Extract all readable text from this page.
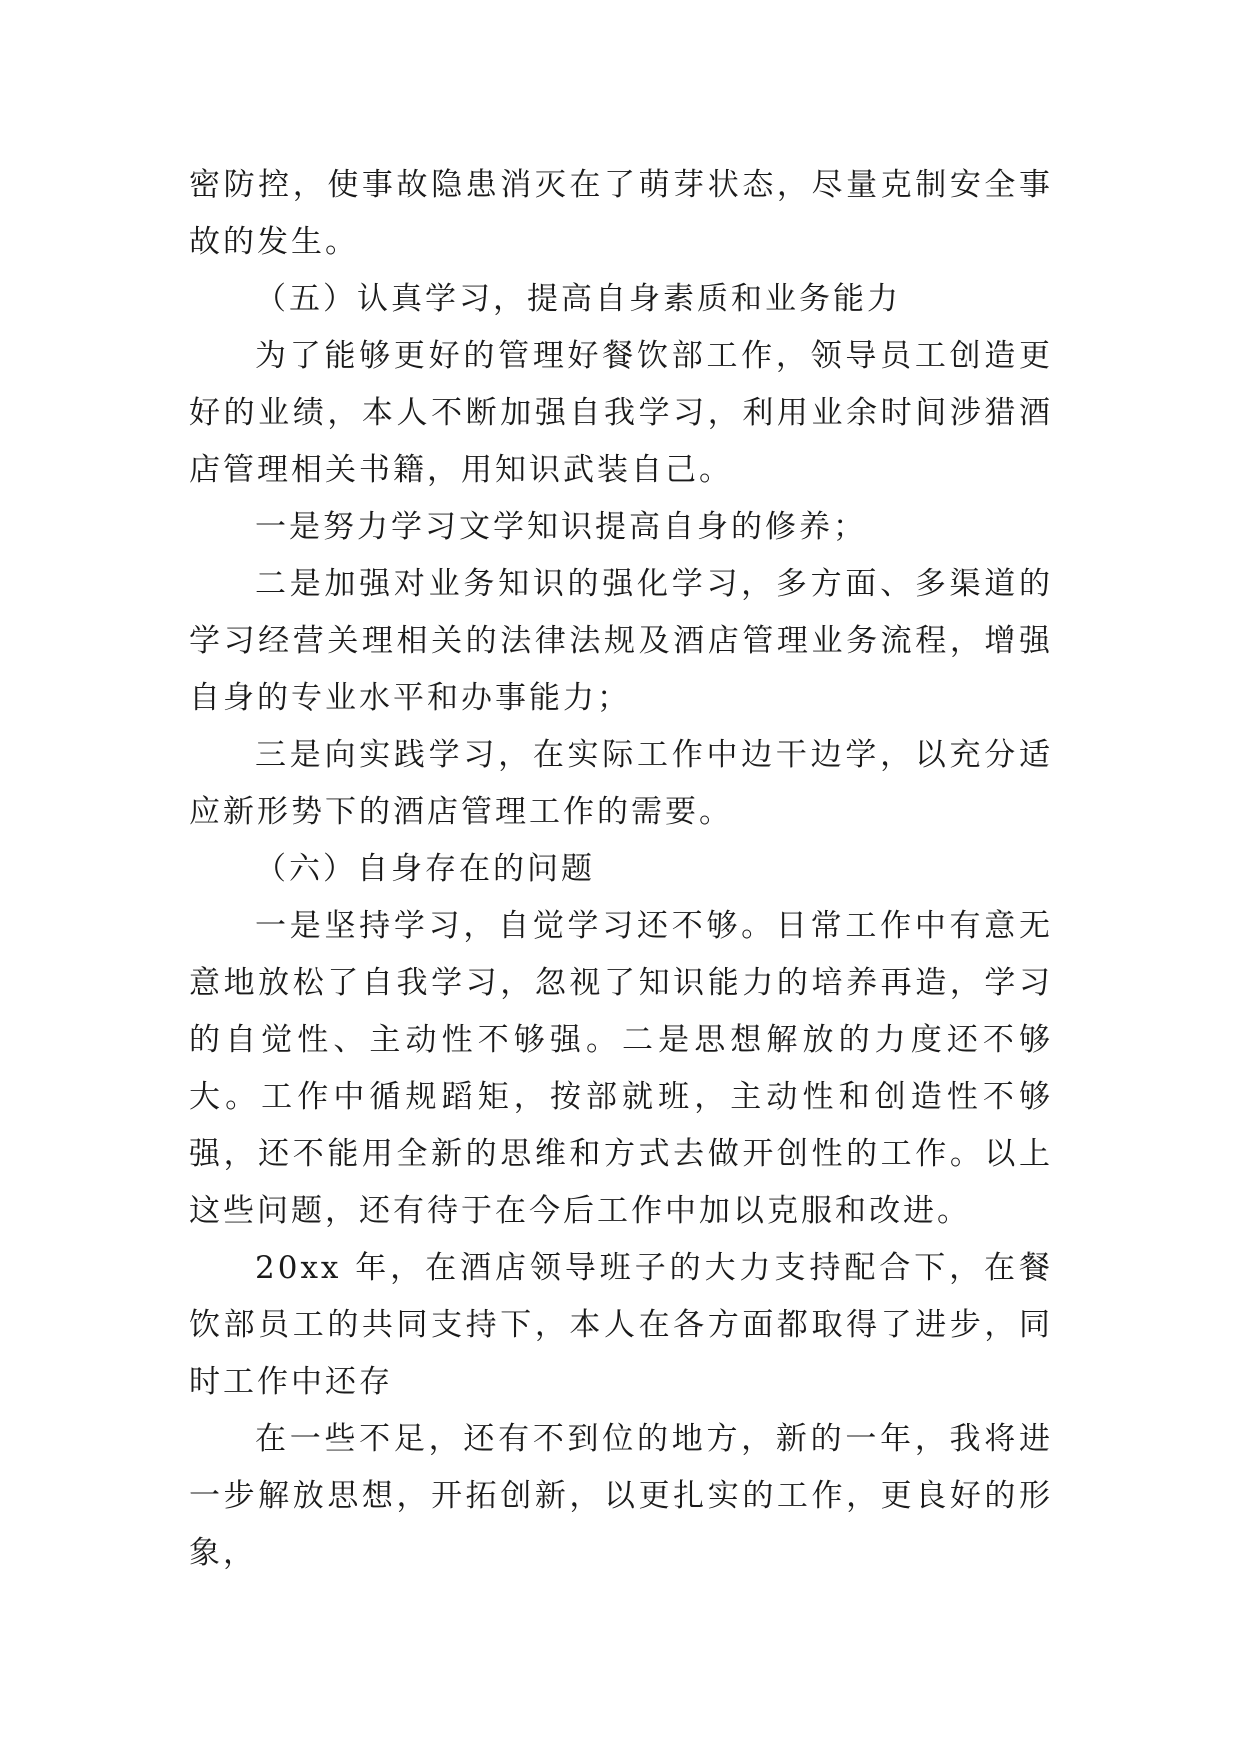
密防控，使事故隐患消灭在了萌芽状态，尽量克制安全事故的发生。

（五）认真学习，提高自身素质和业务能力

为了能够更好的管理好餐饮部工作，领导员工创造更好的业绩，本人不断加强自我学习，利用业余时间涉猎酒店管理相关书籍，用知识武装自己。

一是努力学习文学知识提高自身的修养；

二是加强对业务知识的强化学习，多方面、多渠道的学习经营关理相关的法律法规及酒店管理业务流程，增强自身的专业水平和办事能力；

三是向实践学习，在实际工作中边干边学，以充分适应新形势下的酒店管理工作的需要。

（六）自身存在的问题

一是坚持学习，自觉学习还不够。日常工作中有意无意地放松了自我学习，忽视了知识能力的培养再造，学习的自觉性、主动性不够强。二是思想解放的力度还不够大。工作中循规蹈矩，按部就班，主动性和创造性不够强，还不能用全新的思维和方式去做开创性的工作。以上这些问题，还有待于在今后工作中加以克服和改进。

20xx 年，在酒店领导班子的大力支持配合下，在餐饮部员工的共同支持下，本人在各方面都取得了进步，同时工作中还存

在一些不足，还有不到位的地方，新的一年，我将进一步解放思想，开拓创新，以更扎实的工作，更良好的形象，
